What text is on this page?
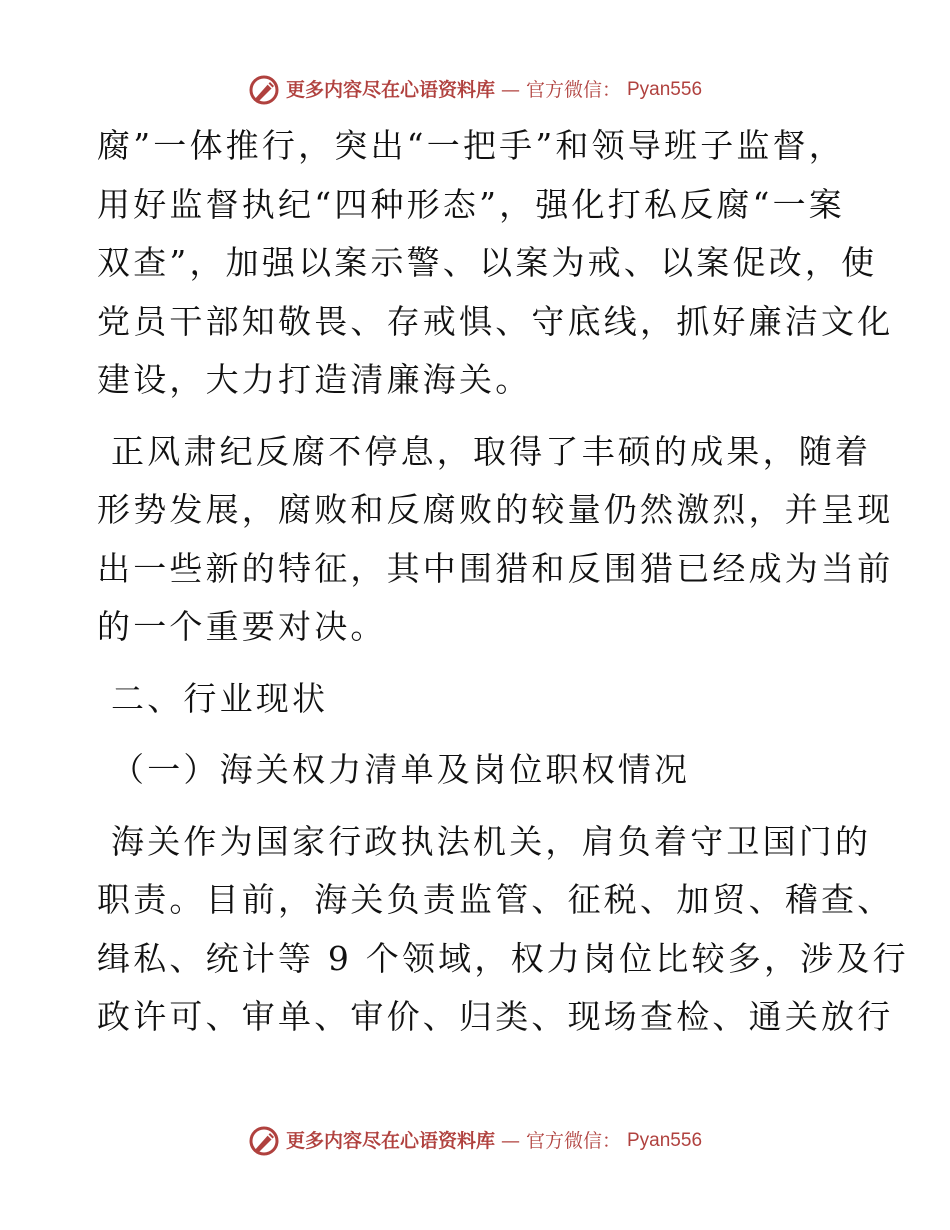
更多内容尽在心语资料库 — 官方微信： Pyan556

腐”一体推行，突出“一把手”和领导班子监督，
用好监督执纪“四种形态”，强化打私反腐“一案
双查”，加强以案示警、以案为戒、以案促改，使
党员干部知敬畏、存戒惧、守底线，抓好廉洁文化
建设，大力打造清廉海关。

正风肃纪反腐不停息，取得了丰硕的成果，随着
形势发展，腐败和反腐败的较量仍然激烈，并呈现
出一些新的特征，其中围猎和反围猎已经成为当前
的一个重要对决。

二、行业现状

（一）海关权力清单及岗位职权情况

海关作为国家行政执法机关，肩负着守卫国门的
职责。目前，海关负责监管、征税、加贸、稽查、
缉私、统计等 9 个领域，权力岗位比较多，涉及行
政许可、审单、审价、归类、现场查检、通关放行

更多内容尽在心语资料库 — 官方微信： Pyan556
